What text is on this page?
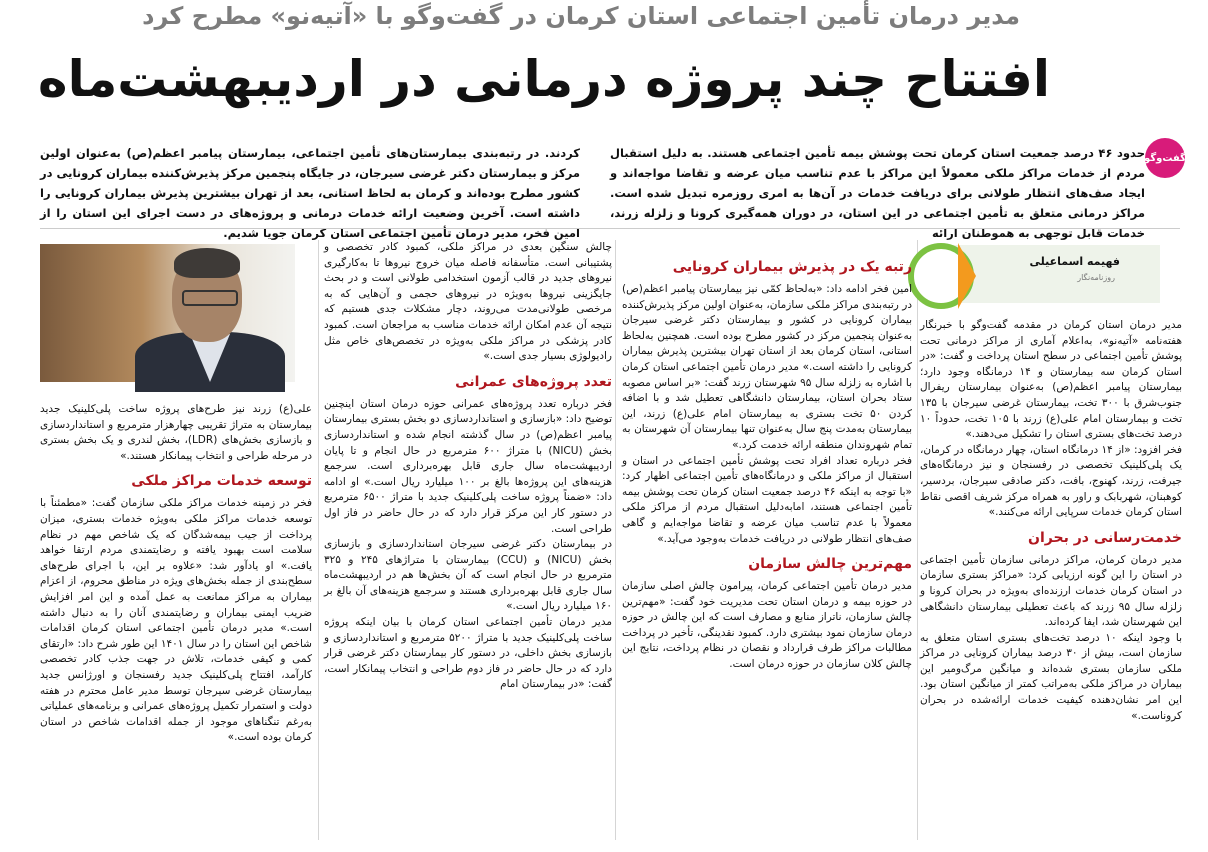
مدیر درمان تأمین اجتماعی استان کرمان در گفت‌وگو با «آتیه‌نو» مطرح کرد
افتتاح چند پروژه درمانی در اردیبهشت‌ماه
گفت‌وگو
حدود ۴۶ درصد جمعیت استان کرمان تحت پوشش بیمه تأمین اجتماعی هستند. به دلیل استقبال مردم از خدمات مراکز ملکی معمولاً این مراکز با عدم تناسب میان عرضه و تقاضا مواجه‌اند و ایجاد صف‌های انتظار طولانی برای دریافت خدمات در آن‌ها به امری روزمره تبدیل شده است. مراکز درمانی متعلق به تأمین اجتماعی در این استان، در دوران همه‌گیری کرونا و زلزله زرند، خدمات قابل توجهی به هموطنان ارائه
کردند. در رتبه‌بندی بیمارستان‌های تأمین اجتماعی، بیمارستان پیامبر اعظم(ص) به‌عنوان اولین مرکز و بیمارستان دکتر غرضی سیرجان، در جایگاه پنجمین مرکز پذیرش‌کننده بیماران کرونایی در کشور مطرح بوده‌اند و کرمان به لحاظ استانی، بعد از تهران بیشترین پذیرش بیماران کرونایی را داشته است. آخرین وضعیت ارائه خدمات درمانی و پروژه‌های در دست اجرای این استان را از امین فخر، مدیر درمان تأمین اجتماعی استان کرمان جویا شدیم.
فهیمه اسماعیلی
روزنامه‌نگار

مدیر درمان استان کرمان در مقدمه گفت‌وگو با خبرنگار هفته‌نامه «آتیه‌نو»، به‌اعلام آماری از مراکز درمانی تحت پوشش تأمین اجتماعی در سطح استان پرداخت و گفت: «در استان کرمان سه بیمارستان و ۱۴ درمانگاه وجود دارد؛ بیمارستان پیامبر اعظم(ص) به‌عنوان بیمارستان ریفرال جنوب‌شرق با ۳۰۰ تخت، بیمارستان غرضی سیرجان با ۱۳۵ تخت و بیمارستان امام علی(ع) زرند با ۱۰۵ تخت، حدوداً ۱۰ درصد تخت‌های بستری استان را تشکیل می‌دهند.»

فخر افزود: «از ۱۴ درمانگاه استان، چهار درمانگاه در کرمان، یک پلی‌کلینیک تخصصی در رفسنجان و نیز درمانگاه‌های جیرفت، زرند، کهنوج، بافت، دکتر صادقی سیرجان، بردسیر، کوهبنان، شهربابک و راور به همراه مرکز شریف اقصی نقاط استان کرمان خدمات سرپایی ارائه می‌کنند.»

خدمت‌رسانی در بحران

مدیر درمان کرمان، مراکز درمانی سازمان تأمین اجتماعی در استان را این گونه ارزیابی کرد: «مراکز بستری سازمان در استان کرمان خدمات ارزنده‌ای به‌ویژه در بحران کرونا و زلزله سال ۹۵ زرند که باعث تعطیلی بیمارستان دانشگاهی این شهرستان شد، ایفا کرده‌اند.

با وجود اینکه ۱۰ درصد تخت‌های بستری استان متعلق به سازمان است، بیش از ۳۰ درصد بیماران کرونایی در مراکز ملکی سازمان بستری شده‌اند و میانگین مرگ‌ومیر این بیماران در مراکز ملکی به‌مراتب کمتر از میانگین استان بود. این امر نشان‌دهنده کیفیت خدمات ارائه‌شده در بحران کروناست.»

رتبه یک در پذیرش بیماران کرونایی

امین فخر ادامه داد: «به‌لحاظ کمّی نیز بیمارستان پیامبر اعظم(ص) در رتبه‌بندی مراکز ملکی سازمان، به‌عنوان اولین مرکز پذیرش‌کننده بیماران کرونایی در کشور و بیمارستان دکتر غرضی سیرجان به‌عنوان پنجمین مرکز در کشور مطرح بوده است. همچنین به‌لحاظ استانی، استان کرمان بعد از استان تهران بیشترین پذیرش بیماران کرونایی را داشته است.» مدیر درمان تأمین اجتماعی استان کرمان با اشاره به زلزله سال ۹۵ شهرستان زرند گفت: «بر اساس مصوبه ستاد بحران استان، بیمارستان دانشگاهی تعطیل شد و با اضافه کردن ۵۰ تخت بستری به بیمارستان امام علی(ع) زرند، این بیمارستان به‌مدت پنج سال به‌عنوان تنها بیمارستان آن شهرستان به تمام شهروندان منطقه ارائه خدمت کرد.»

فخر درباره تعداد افراد تحت پوشش تأمین اجتماعی در استان و استقبال از مراکز ملکی و درمانگاه‌های تأمین اجتماعی اظهار کرد: «با توجه به اینکه ۴۶ درصد جمعیت استان کرمان تحت پوشش بیمه تأمین اجتماعی هستند، امابه‌دلیل استقبال مردم از مراکز ملکی معمولاً با عدم تناسب میان عرضه و تقاضا مواجه‌ایم و گاهی صف‌های انتظار طولانی در دریافت خدمات به‌وجود می‌آید.»

مهم‌ترین چالش سازمان

مدیر درمان تأمین اجتماعی کرمان، پیرامون چالش اصلی سازمان در حوزه بیمه و درمان استان تحت مدیریت خود گفت: «مهم‌ترین چالش سازمان، ناتراز منابع و مصارف است که این چالش در حوزه درمان سازمان نمود بیشتری دارد. کمبود نقدینگی، تأخیر در پرداخت مطالبات مراکز طرف قرارداد و نقصان در نظام پرداخت، نتایج این چالش کلان سازمان در حوزه درمان است.

چالش سنگین بعدی در مراکز ملکی، کمبود کادر تخصصی و پشتیبانی است. متأسفانه فاصله میان خروج نیروها تا به‌کارگیری نیروهای جدید در قالب آزمون استخدامی طولانی است و در بحث جایگزینی نیروها به‌ویژه در نیروهای حجمی و آن‌هایی که به مرخصی طولانی‌مدت می‌روند، دچار مشکلات جدی هستیم که نتیجه آن عدم امکان ارائه خدمات مناسب به مراجعان است. کمبود کادر پزشکی در مراکز ملکی به‌ویژه در تخصص‌های خاص مثل رادیولوژی بسیار جدی است.»

تعدد پروژه‌های عمرانی

فخر درباره تعدد پروژه‌های عمرانی حوزه درمان استان اینچنین توضیح داد: «بازسازی و استانداردسازی دو بخش بستری بیمارستان پیامبر اعظم(ص) در سال گذشته انجام شده و استانداردسازی بخش (NICU) با متراژ ۶۰۰ مترمربع در حال انجام و تا پایان اردیبهشت‌ماه سال جاری قابل بهره‌برداری است. سرجمع هزینه‌های این پروژه‌ها بالغ بر ۱۰۰ میلیارد ریال است.» او ادامه داد: «ضمناً پروژه ساخت پلی‌کلینیک جدید با متراژ ۶۵۰۰ مترمربع در دستور کار این مرکز قرار دارد که در حال حاضر در فاز اول طراحی است.

در بیمارستان دکتر غرضی سیرجان استانداردسازی و بازسازی بخش (NICU) و (CCU) بیمارستان با متراژهای ۲۴۵ و ۳۲۵ مترمربع در حال انجام است که آن بخش‌ها هم در اردیبهشت‌ماه سال جاری قابل بهره‌برداری هستند و سرجمع هزینه‌های آن بالغ بر ۱۶۰ میلیارد ریال است.»

مدیر درمان تأمین اجتماعی استان کرمان با بیان اینکه پروژه ساخت پلی‌کلینیک جدید با متراژ ۵۲۰۰ مترمربع و استانداردسازی و بازسازی بخش داخلی، در دستور کار بیمارستان دکتر غرضی قرار دارد که در حال حاضر در فاز دوم طراحی و انتخاب پیمانکار است، گفت: «در بیمارستان امام

علی(ع) زرند نیز طرح‌های پروژه ساخت پلی‌کلینیک جدید بیمارستان به متراژ تقریبی چهارهزار مترمربع و استانداردسازی و بازسازی بخش‌های (LDR)، بخش لندری و یک بخش بستری در مرحله طراحی و انتخاب پیمانکار هستند.»

توسعه خدمات مراکز ملکی

فخر در زمینه خدمات مراکز ملکی سازمان گفت: «مطمئناً با توسعه خدمات مراکز ملکی به‌ویژه خدمات بستری، میزان پرداخت از جیب بیمه‌شدگان که یک شاخص مهم در نظام سلامت است بهبود یافته و رضایتمندی مردم ارتقا خواهد یافت.» او یادآور شد: «علاوه بر این، با اجرای طرح‌های سطح‌بندی از جمله بخش‌های ویژه در مناطق محروم، از اعزام بیماران به مراکز ممانعت به عمل آمده و این امر افزایش ضریب ایمنی بیماران و رضایتمندی آنان را به دنبال داشته است.» مدیر درمان تأمین اجتماعی استان کرمان اقدامات شاخص این استان را در سال ۱۴۰۱ این طور شرح داد: «ارتقای کمی و کیفی خدمات، تلاش در جهت جذب کادر تخصصی کارآمد، افتتاح پلی‌کلینیک جدید رفسنجان و اورژانس جدید بیمارستان غرضی سیرجان توسط مدیر عامل محترم در هفته دولت و استمرار تکمیل پروژه‌های عمرانی و برنامه‌های عملیاتی به‌رغم تنگناهای موجود از جمله اقدامات شاخص در استان کرمان بوده است.»
